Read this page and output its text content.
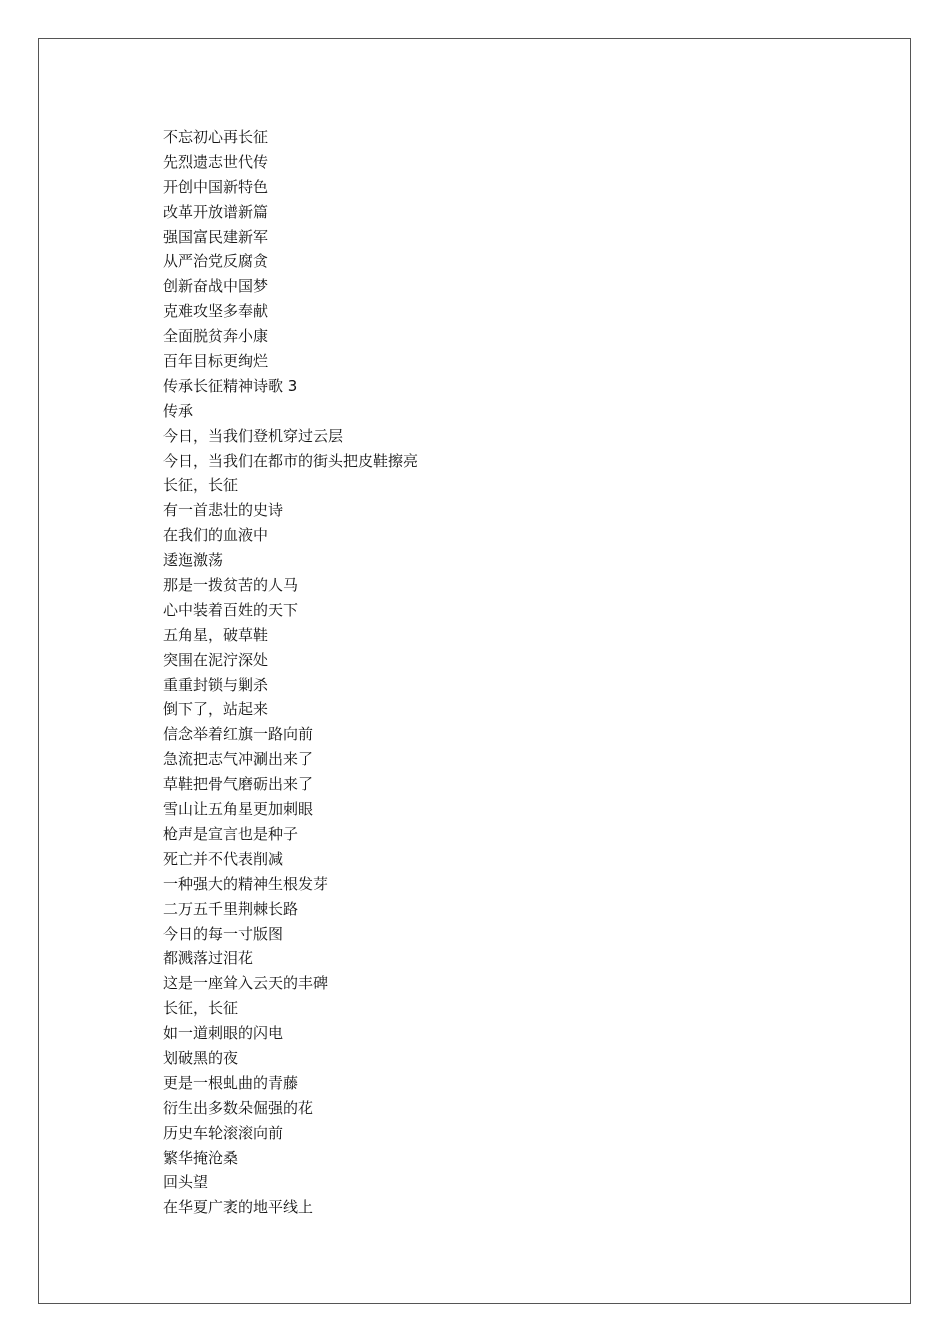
不忘初心再长征
先烈遗志世代传
开创中国新特色
改革开放谱新篇
强国富民建新军
从严治党反腐贪
创新奋战中国梦
克难攻坚多奉献
全面脱贫奔小康
百年目标更绚烂
传承长征精神诗歌 3
传承
今日，当我们登机穿过云层
今日，当我们在都市的街头把皮鞋擦亮
长征，长征
有一首悲壮的史诗
在我们的血液中
逶迤激荡
那是一拨贫苦的人马
心中装着百姓的天下
五角星，破草鞋
突围在泥泞深处
重重封锁与剿杀
倒下了，站起来
信念举着红旗一路向前
急流把志气冲涮出来了
草鞋把骨气磨砺出来了
雪山让五角星更加刺眼
枪声是宣言也是种子
死亡并不代表削减
一种强大的精神生根发芽
二万五千里荆棘长路
今日的每一寸版图
都溅落过泪花
这是一座耸入云天的丰碑
长征，长征
如一道刺眼的闪电
划破黑的夜
更是一根虬曲的青藤
衍生出多数朵倔强的花
历史车轮滚滚向前
繁华掩沧桑
回头望
在华夏广袤的地平线上
